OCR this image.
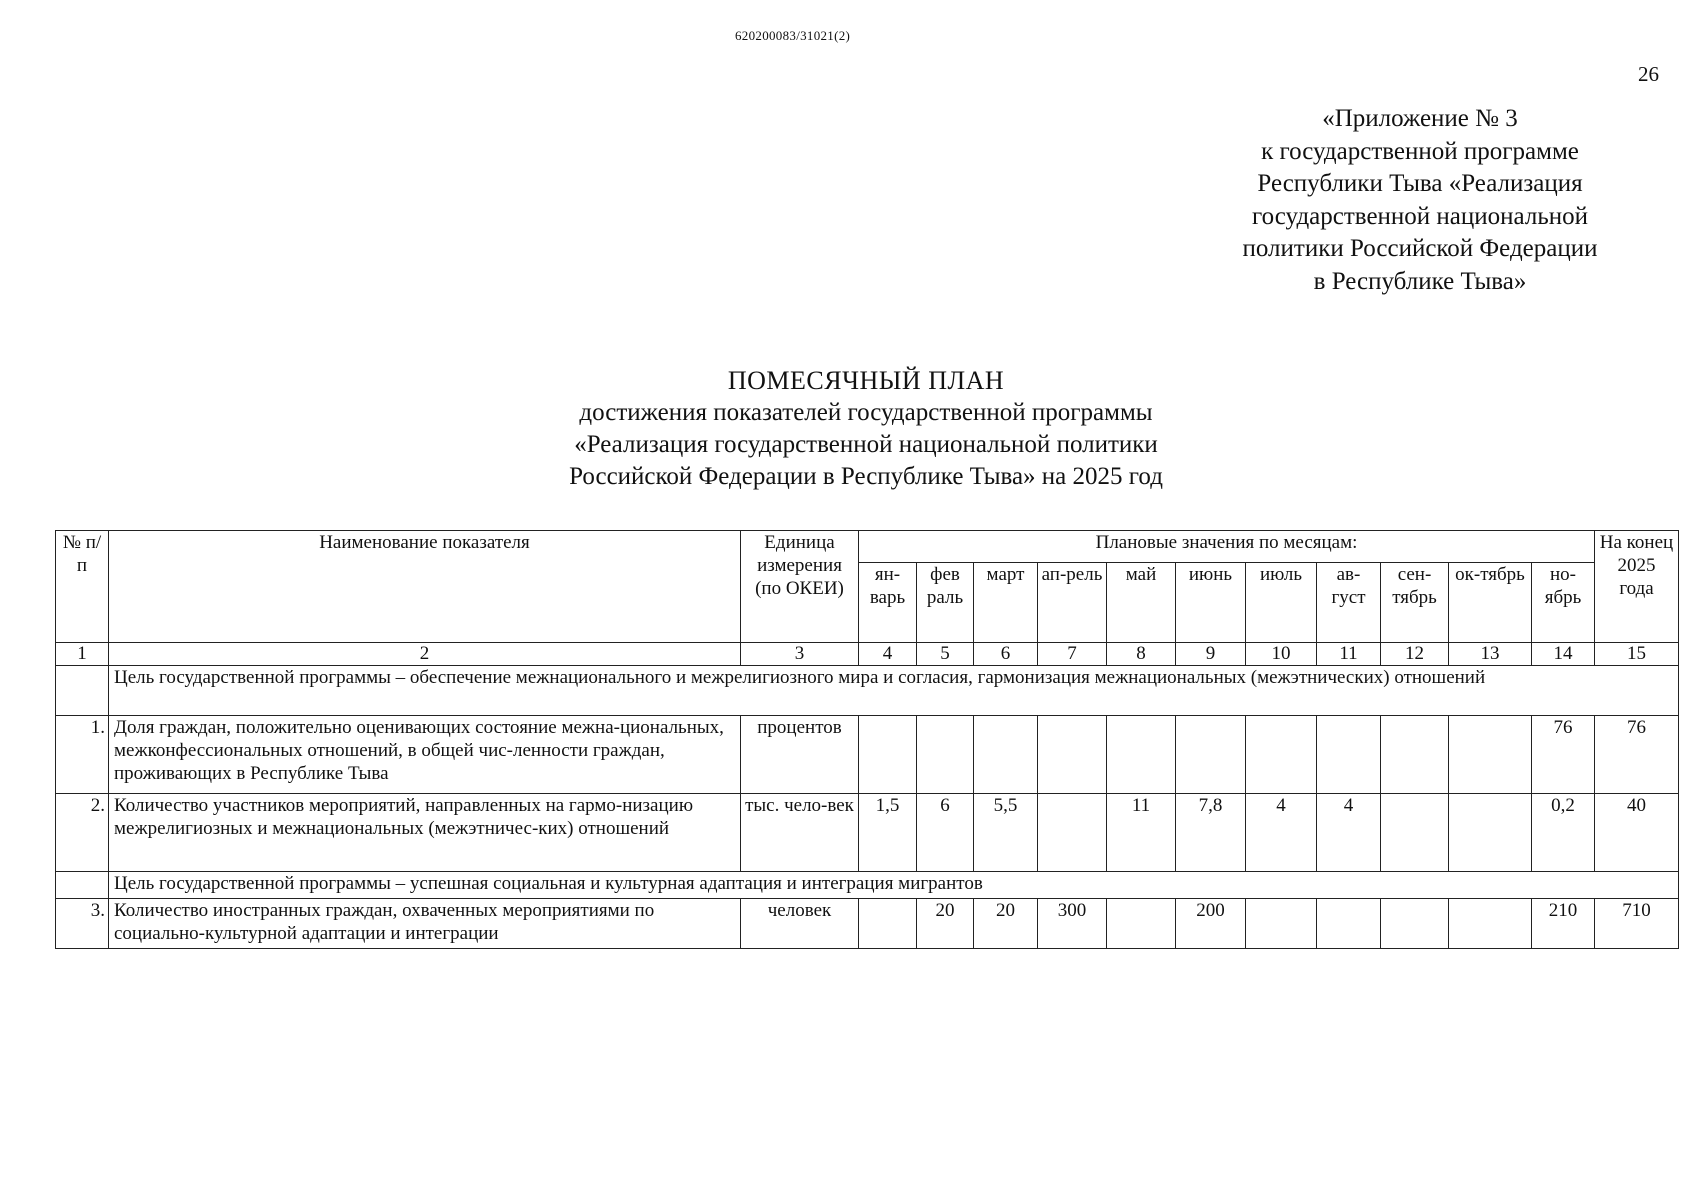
620200083/31021(2)
26
«Приложение № 3
к государственной программе
Республики Тыва «Реализация
государственной национальной
политики Российской Федерации
в Республике Тыва»
ПОМЕСЯЧНЫЙ ПЛАН
достижения показателей государственной программы
«Реализация государственной национальной политики
Российской Федерации в Республике Тыва» на 2025 год
№ п/п	Наименование показателя	Единица измерения (по ОКЕИ)	Плановые значения по месяцам:											На конец 2025 года
			ян-варь	фев раль	март	ап-рель	май	июнь	июль	ав-густ	сен-тябрь	ок-тябрь	но-ябрь	
1	2	3	4	5	6	7	8	9	10	11	12	13	14	15
	Цель государственной программы – обеспечение межнационального и межрелигиозного мира и согласия, гармонизация межнациональных (межэтнических) отношений													
1.	Доля граждан, положительно оценивающих состояние межна-циональных, межконфессиональных отношений, в общей чис-ленности граждан, проживающих в Республике Тыва	процентов											76	76
2.	Количество участников мероприятий, направленных на гармо-низацию межрелигиозных и межнациональных (межэтничес-ких) отношений	тыс. чело-век	1,5	6	5,5		11	7,8	4	4			0,2	40
	Цель государственной программы – успешная социальная и культурная адаптация и интеграция мигрантов													
3.	Количество иностранных граждан, охваченных мероприятиями по социально-культурной адаптации и интеграции	человек		20	20	300		200					210	710
